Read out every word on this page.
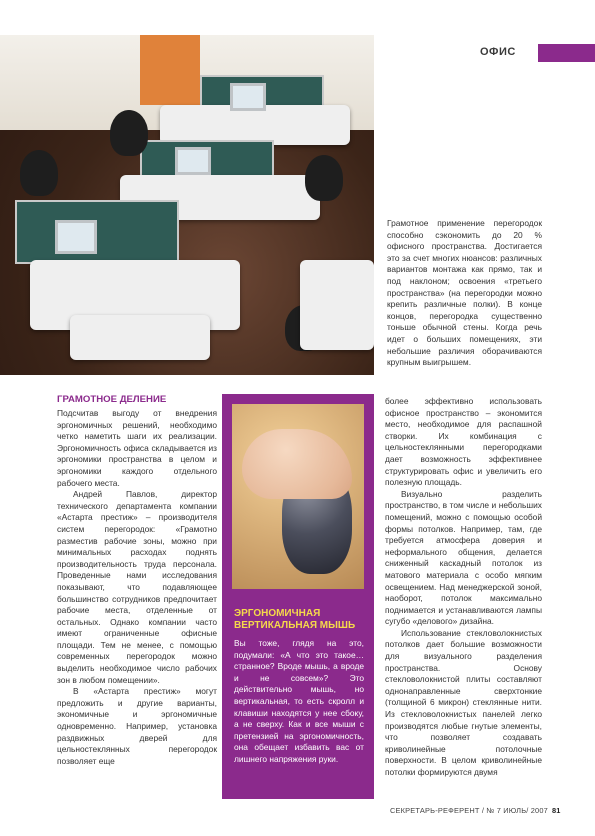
ОФИС

Грамотное применение перегородок способно сэкономить до 20 % офисного пространства. Достигается это за счет многих нюансов: различных вариантов монтажа как прямо, так и под наклоном; освоения «третьего пространства» (на перегородки можно крепить различные полки). В конце концов, перегородка существенно тоньше обычной стены. Когда речь идет о больших помещениях, эти небольшие различия оборачиваются крупным выигрышем.

ГРАМОТНОЕ ДЕЛЕНИЕ

Подсчитав выгоду от внедрения эргономичных решений, необходимо четко наметить шаги их реализации. Эргономичность офиса складывается из эргономики пространства в целом и эргономики каждого отдельного рабочего места.

Андрей Павлов, директор технического департамента компании «Астарта престиж» – производителя систем перегородок: «Грамотно разместив рабочие зоны, можно при минимальных расходах поднять производительность труда персонала. Проведенные нами исследования показывают, что подавляющее большинство сотрудников предпочитает рабочие места, отделенные от остальных. Однако компании часто имеют ограниченные офисные площади. Тем не менее, с помощью современных перегородок можно выделить необходимое число рабочих зон в любом помещении».

В «Астарта престиж» могут предложить и другие варианты, экономичные и эргономичные одновременно. Например, установка раздвижных дверей для цельностеклянных перегородок позволяет еще

ЭРГОНОМИЧНАЯ ВЕРТИКАЛЬНАЯ МЫШЬ
Вы тоже, глядя на это, подумали: «А что это такое… странное? Вроде мышь, а вроде и не совсем»? Это действительно мышь, но вертикальная, то есть скролл и клавиши находятся у нее сбоку, а не сверху. Как и все мыши с претензией на эргономичность, она обещает избавить вас от лишнего напряжения руки.

более эффективно использовать офисное пространство – экономится место, необходимое для распашной створки. Их комбинация с цельностеклянными перегородками дает возможность эффективнее структурировать офис и увеличить его полезную площадь.

Визуально разделить пространство, в том числе и небольших помещений, можно с помощью особой формы потолков. Например, там, где требуется атмосфера доверия и неформального общения, делается сниженный каскадный потолок из матового материала с особо мягким освещением. Над менеджерской зоной, наоборот, потолок максимально поднимается и устанавливаются лампы сугубо «делового» дизайна.

Использование стекловолокнистых потолков дает большие возможности для визуального разделения пространства. Основу стекловолокнистой плиты составляют однонаправленные сверхтонкие (толщиной 6 микрон) стеклянные нити. Из стекловолокнистых панелей легко производятся любые гнутые элементы, что позволяет создавать криволинейные потолочные поверхности. В целом криволинейные потолки формируются двумя

СЕКРЕТАРЬ-РЕФЕРЕНТ / № 7 ИЮЛЬ/ 2007 81
